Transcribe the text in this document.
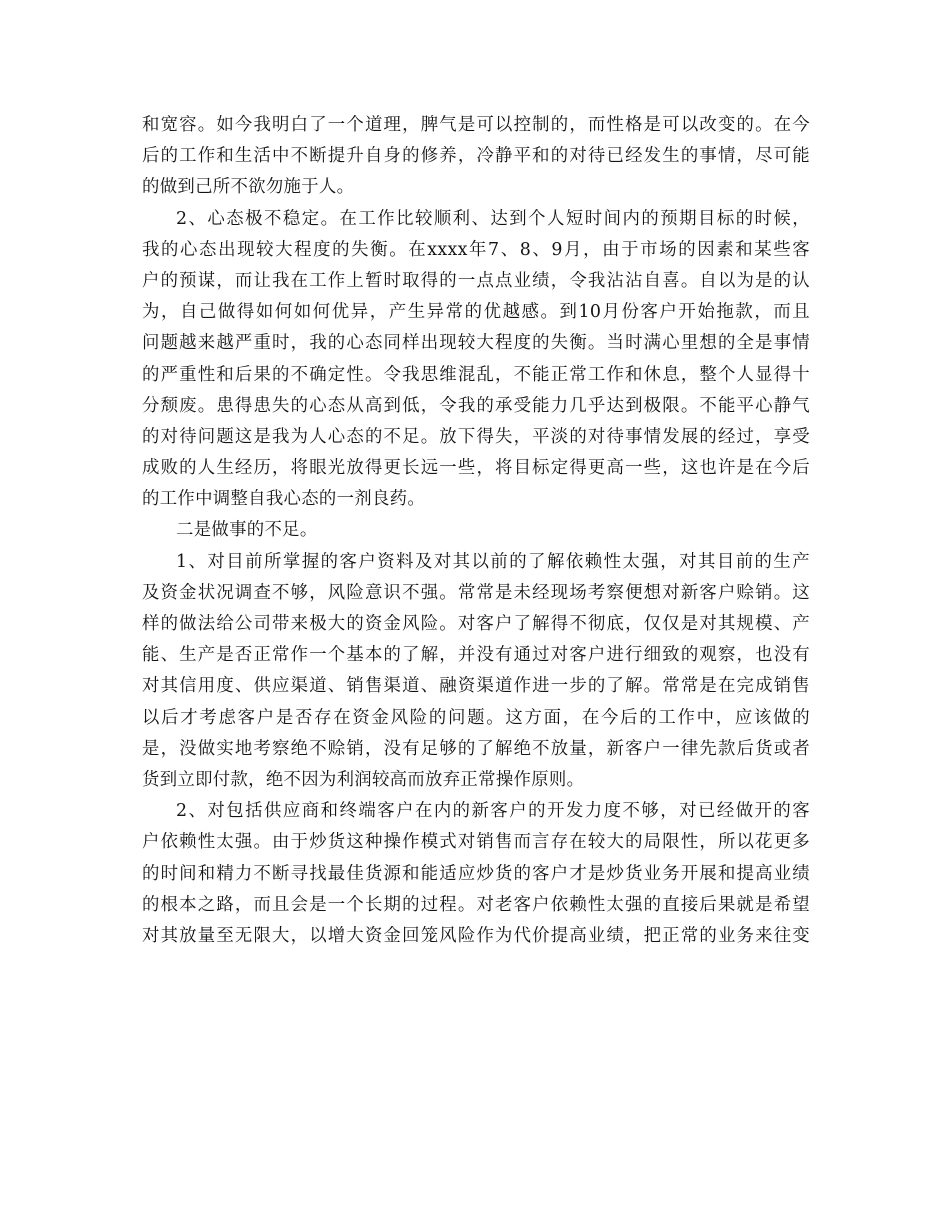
和宽容。如今我明白了一个道理，脾气是可以控制的，而性格是可以改变的。在今
后的工作和生活中不断提升自身的修养，冷静平和的对待已经发生的事情，尽可能
的做到己所不欲勿施于人。
2、心态极不稳定。在工作比较顺利、达到个人短时间内的预期目标的时候，
我的心态出现较大程度的失衡。在xxxx年7、8、9月，由于市场的因素和某些客
户的预谋，而让我在工作上暂时取得的一点点业绩，令我沾沾自喜。自以为是的认
为，自己做得如何如何优异，产生异常的优越感。到10月份客户开始拖款，而且
问题越来越严重时，我的心态同样出现较大程度的失衡。当时满心里想的全是事情
的严重性和后果的不确定性。令我思维混乱，不能正常工作和休息，整个人显得十
分颓废。患得患失的心态从高到低，令我的承受能力几乎达到极限。不能平心静气
的对待问题这是我为人心态的不足。放下得失，平淡的对待事情发展的经过，享受
成败的人生经历，将眼光放得更长远一些，将目标定得更高一些，这也许是在今后
的工作中调整自我心态的一剂良药。
二是做事的不足。
1、对目前所掌握的客户资料及对其以前的了解依赖性太强，对其目前的生产
及资金状况调查不够，风险意识不强。常常是未经现场考察便想对新客户赊销。这
样的做法给公司带来极大的资金风险。对客户了解得不彻底，仅仅是对其规模、产
能、生产是否正常作一个基本的了解，并没有通过对客户进行细致的观察，也没有
对其信用度、供应渠道、销售渠道、融资渠道作进一步的了解。常常是在完成销售
以后才考虑客户是否存在资金风险的问题。这方面，在今后的工作中，应该做的
是，没做实地考察绝不赊销，没有足够的了解绝不放量，新客户一律先款后货或者
货到立即付款，绝不因为利润较高而放弃正常操作原则。
2、对包括供应商和终端客户在内的新客户的开发力度不够，对已经做开的客
户依赖性太强。由于炒货这种操作模式对销售而言存在较大的局限性，所以花更多
的时间和精力不断寻找最佳货源和能适应炒货的客户才是炒货业务开展和提高业绩
的根本之路，而且会是一个长期的过程。对老客户依赖性太强的直接后果就是希望
对其放量至无限大，以增大资金回笼风险作为代价提高业绩，把正常的业务来往变
